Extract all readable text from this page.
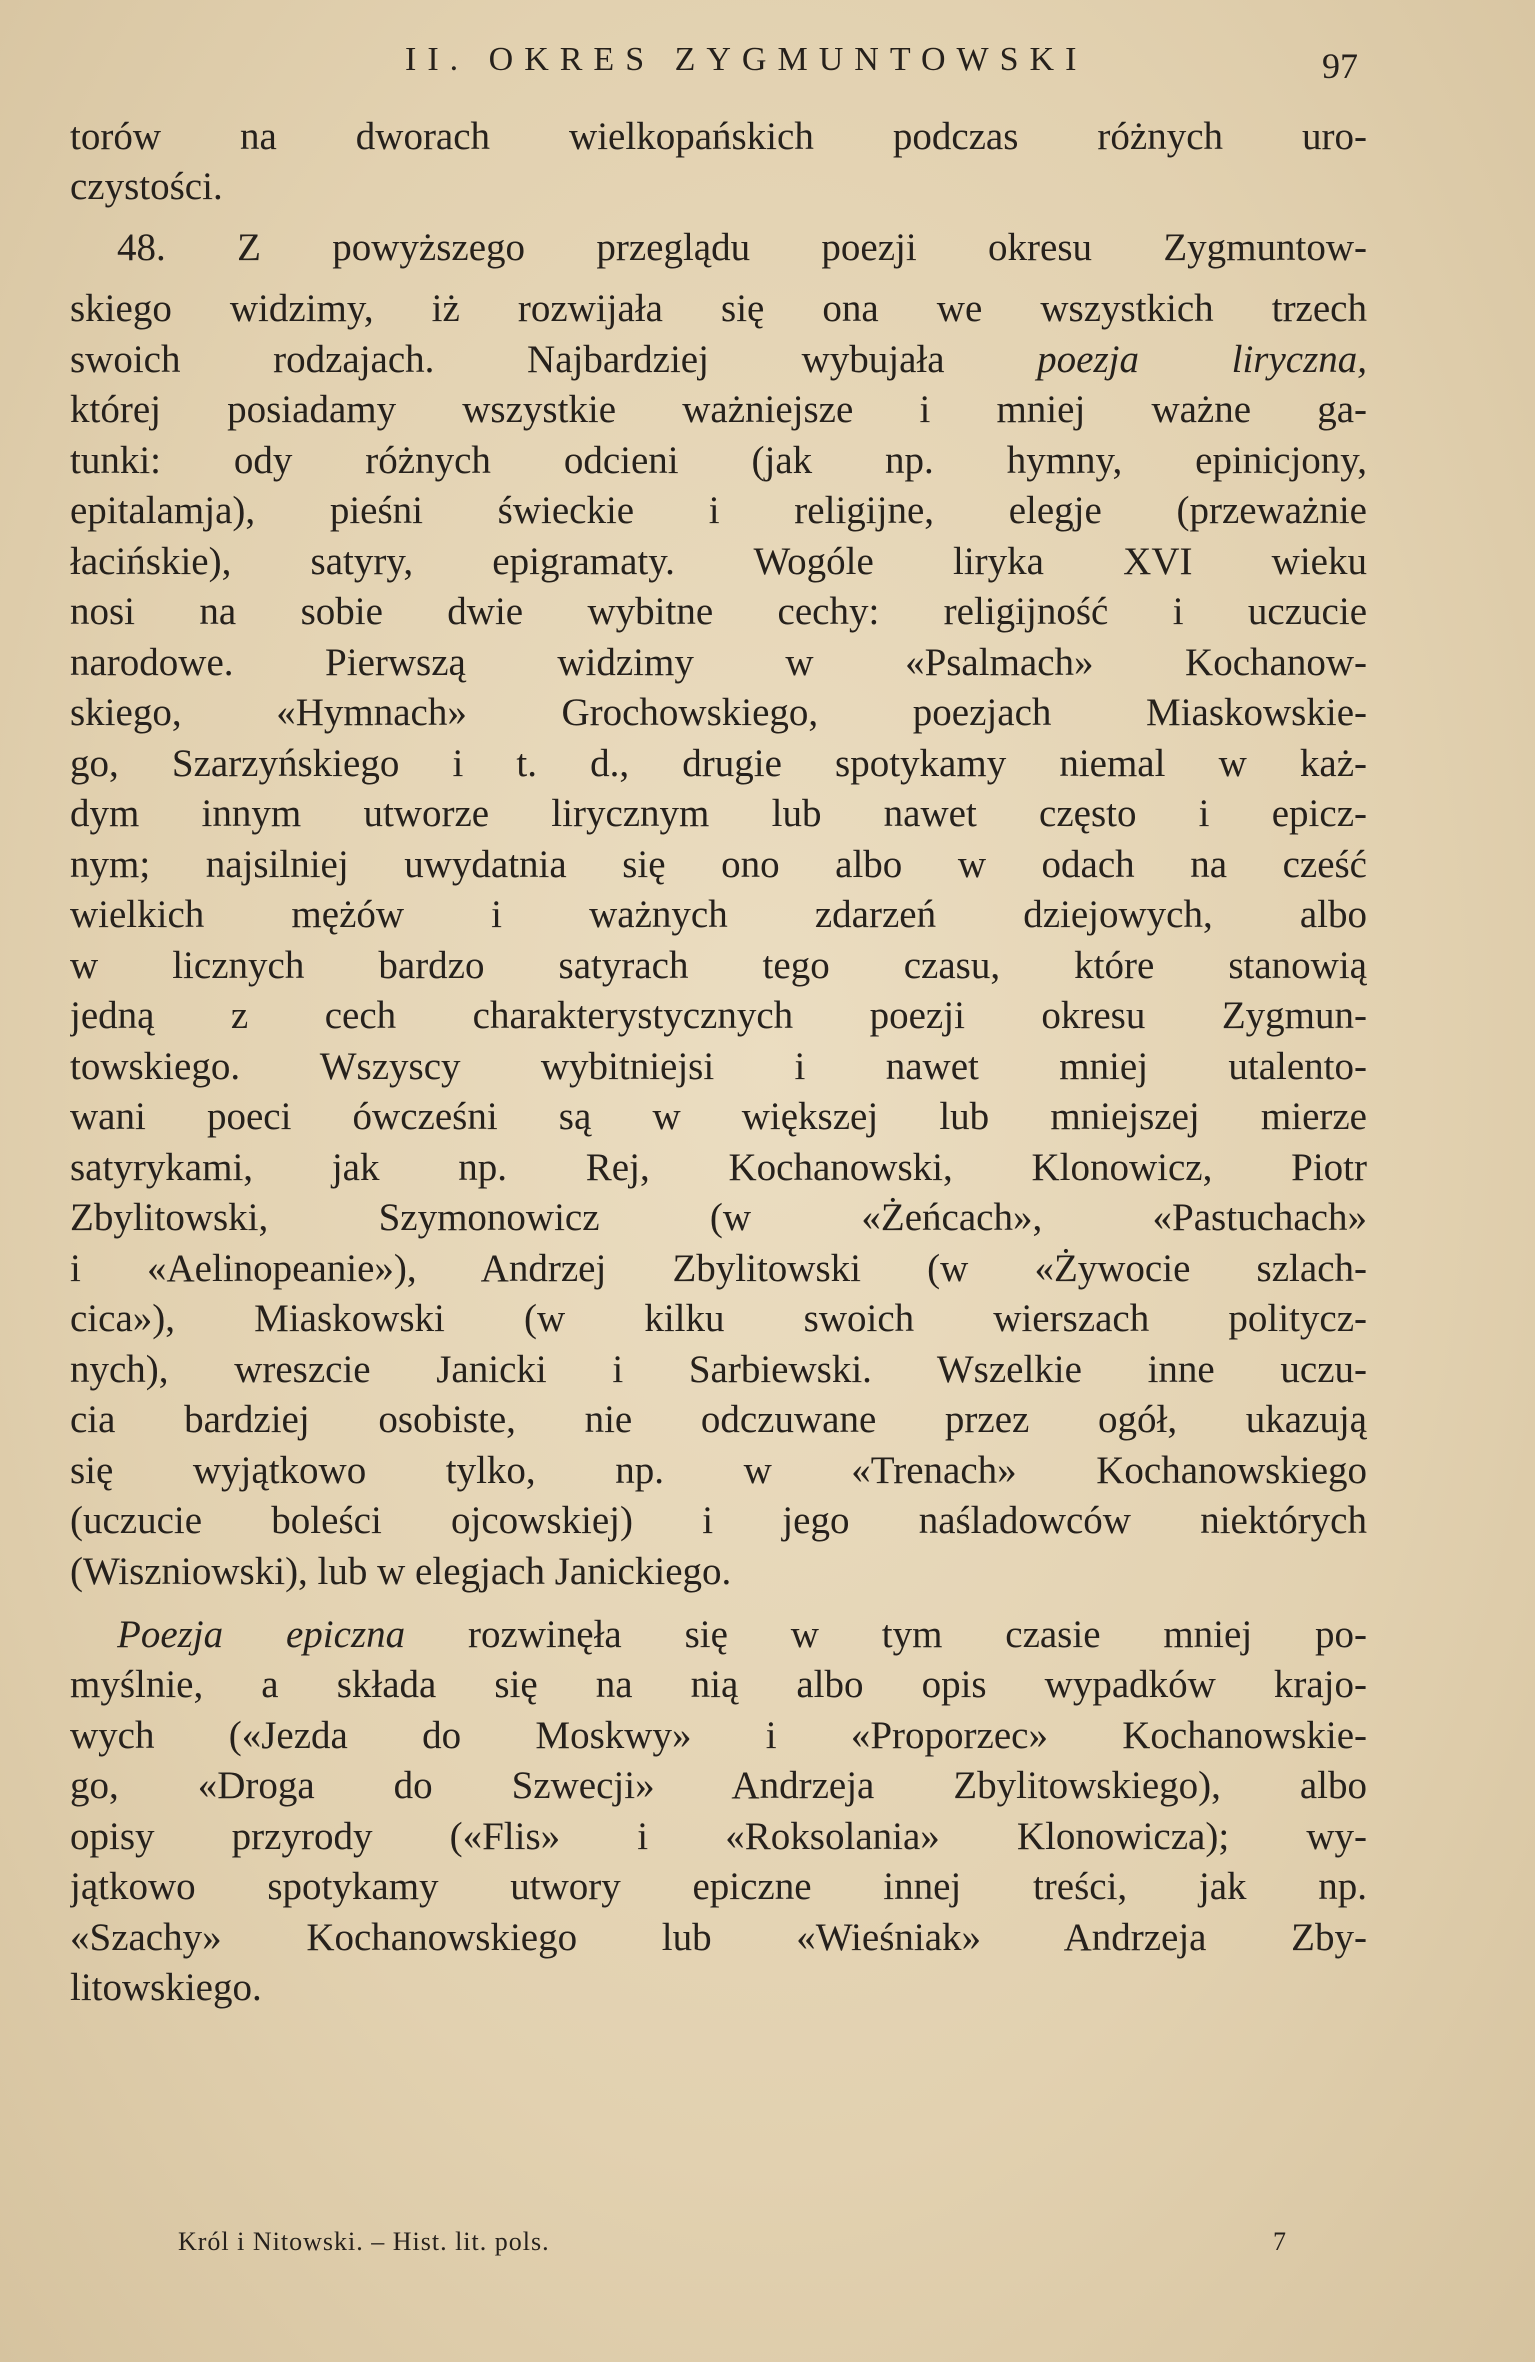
II. OKRES ZYGMUNTOWSKI	97
torów na dworach wielkopańskich podczas różnych uro-
czystości.
48. Z powyższego przeglądu poezji okresu Zygmuntow-
skiego widzimy, iż rozwijała się ona we wszystkich trzech
swoich rodzajach. Najbardziej wybujała poezja liryczna,
której posiadamy wszystkie ważniejsze i mniej ważne ga-
tunki: ody różnych odcieni (jak np. hymny, epinicjony,
epitalamja), pieśni świeckie i religijne, elegje (przeważnie
łacińskie), satyry, epigramaty. Wogóle liryka XVI wieku
nosi na sobie dwie wybitne cechy: religijność i uczucie
narodowe. Pierwszą widzimy w «Psalmach» Kochanow-
skiego, «Hymnach» Grochowskiego, poezjach Miaskowskie-
go, Szarzyńskiego i t. d., drugie spotykamy niemal w każ-
dym innym utworze lirycznym lub nawet często i epicz-
nym; najsilniej uwydatnia się ono albo w odach na cześć
wielkich mężów i ważnych zdarzeń dziejowych, albo
w licznych bardzo satyrach tego czasu, które stanowią
jedną z cech charakterystycznych poezji okresu Zygmun-
towskiego. Wszyscy wybitniejsi i nawet mniej utalento-
wani poeci ówcześni są w większej lub mniejszej mierze
satyrykami, jak np. Rej, Kochanowski, Klonowicz, Piotr
Zbylitowski, Szymonowicz (w «Żeńcach», «Pastuchach»
i «Aelinopeanie»), Andrzej Zbylitowski (w «Żywocie szlach-
cica»), Miaskowski (w kilku swoich wierszach politycz-
nych), wreszcie Janicki i Sarbiewski. Wszelkie inne uczu-
cia bardziej osobiste, nie odczuwane przez ogół, ukazują
się wyjątkowo tylko, np. w «Trenach» Kochanowskiego
(uczucie boleści ojcowskiej) i jego naśladowców niektórych
(Wiszniowski), lub w elegjach Janickiego.
Poezja epiczna rozwinęła się w tym czasie mniej po-
myślnie, a składa się na nią albo opis wypadków krajo-
wych («Jezda do Moskwy» i «Proporzec» Kochanowskie-
go, «Droga do Szwecji» Andrzeja Zbylitowskiego), albo
opisy przyrody («Flis» i «Roksolania» Klonowicza); wy-
jątkowo spotykamy utwory epiczne innej treści, jak np.
«Szachy» Kochanowskiego lub «Wieśniak» Andrzeja Zby-
litowskiego.
Król i Nitowski. – Hist. lit. pols.	7
